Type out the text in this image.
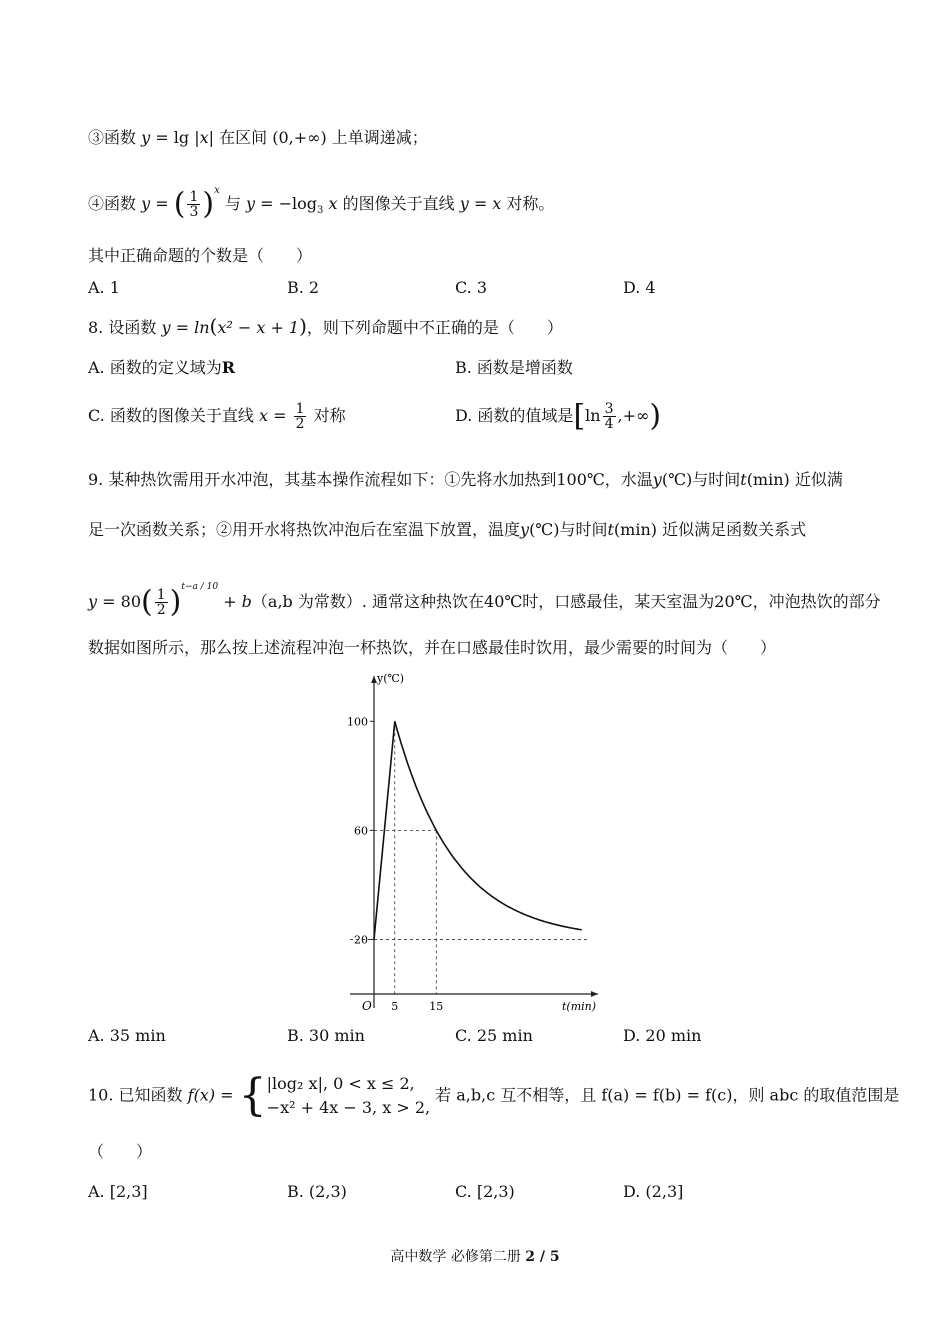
③函数 y = lg |x| 在区间 (0,+∞) 上单调递减；
④函数 y = ( $\frac{1}{3} )^x$ 与 $y = -\log_3$ x 的图像关于直线 y = x 对称。
其中正确命题的个数是（　　）
A. 1	B. 2	C. 3	D. 4
8. 设函数 y = ln(x² − x + 1)，则下列命题中不正确的是（　　）
A. 函数的定义域为R	B. 函数是增函数
C. 函数的图像关于直线 $x = \frac{1}{2}$ 对称	D. 函数的值域是[$\ln \frac{3}{4}$ ,+∞)
9. 某种热饮需用开水冲泡，其基本操作流程如下：①先将水加热到100℃，水温y(℃)与时间t(min) 近似满
足一次函数关系；②用开水将热饮冲泡后在室温下放置，温度y(℃)与时间t(min) 近似满足函数关系式
$y = 80( \frac{1}{2} )^{t-a / 10} + b(a,b$ 为常数）. 通常这种热饮在40℃时，口感最佳，某天室温为20℃，冲泡热饮的部分
数据如图所示，那么按上述流程冲泡一杯热饮，并在口感最佳时饮用，最少需要的时间为（　　）
y(℃)
t(min)
O
100
60
20
5	15
A. 35 min	B. 30 min	C. 25 min	D. 20 min
10. 已知函数 f(x) = { |log₂ x|, 0 < x ≤ 2,
−x² + 4x − 3, x > 2,
若 a,b,c 互不相等，且 f(a) = f(b) = f(c)，则 abc 的取值范围是
（　　）
A. [2,3]	B. (2,3)	C. [2,3)	D. (2,3]
高中数学 必修第二册 2 / 5
